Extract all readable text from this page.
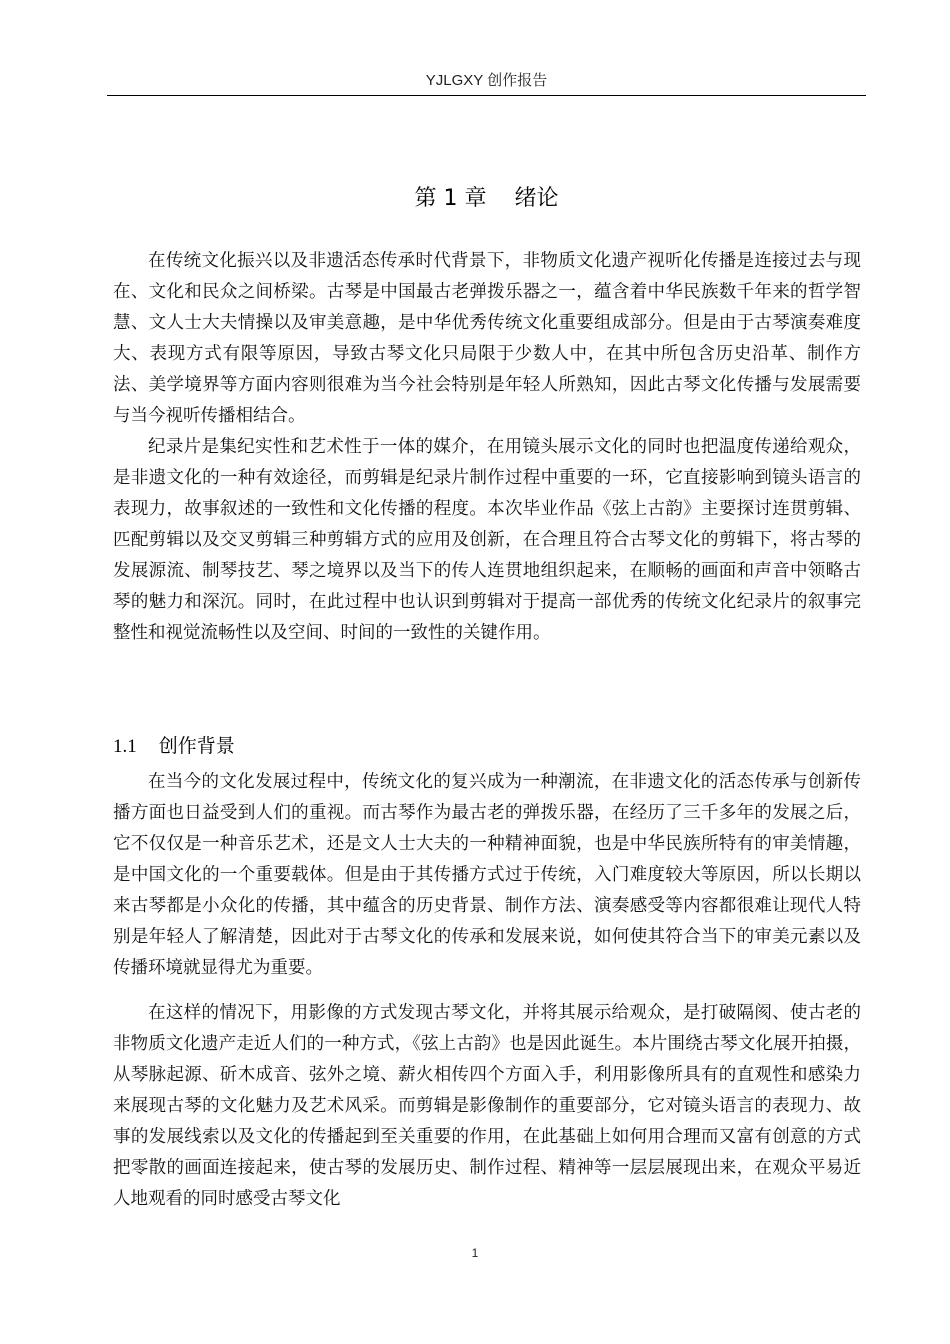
YJLGXY 创作报告
第 1 章    绪论

在传统文化振兴以及非遗活态传承时代背景下，非物质文化遗产视听化传播是连接过去与现在、文化和民众之间桥梁。古琴是中国最古老弹拨乐器之一，蕴含着中华民族数千年来的哲学智慧、文人士大夫情操以及审美意趣，是中华优秀传统文化重要组成部分。但是由于古琴演奏难度大、表现方式有限等原因，导致古琴文化只局限于少数人中，在其中所包含历史沿革、制作方法、美学境界等方面内容则很难为当今社会特别是年轻人所熟知，因此古琴文化传播与发展需要与当今视听传播相结合。

纪录片是集纪实性和艺术性于一体的媒介，在用镜头展示文化的同时也把温度传递给观众，是非遗文化的一种有效途径，而剪辑是纪录片制作过程中重要的一环，它直接影响到镜头语言的表现力，故事叙述的一致性和文化传播的程度。本次毕业作品《弦上古韵》主要探讨连贯剪辑、匹配剪辑以及交叉剪辑三种剪辑方式的应用及创新，在合理且符合古琴文化的剪辑下，将古琴的发展源流、制琴技艺、琴之境界以及当下的传人连贯地组织起来，在顺畅的画面和声音中领略古琴的魅力和深沉。同时，在此过程中也认识到剪辑对于提高一部优秀的传统文化纪录片的叙事完整性和视觉流畅性以及空间、时间的一致性的关键作用。

1.1 创作背景

在当今的文化发展过程中，传统文化的复兴成为一种潮流，在非遗文化的活态传承与创新传播方面也日益受到人们的重视。而古琴作为最古老的弹拨乐器，在经历了三千多年的发展之后，它不仅仅是一种音乐艺术，还是文人士大夫的一种精神面貌，也是中华民族所特有的审美情趣，是中国文化的一个重要载体。但是由于其传播方式过于传统，入门难度较大等原因，所以长期以来古琴都是小众化的传播，其中蕴含的历史背景、制作方法、演奏感受等内容都很难让现代人特别是年轻人了解清楚，因此对于古琴文化的传承和发展来说，如何使其符合当下的审美元素以及传播环境就显得尤为重要。

在这样的情况下，用影像的方式发现古琴文化，并将其展示给观众，是打破隔阂、使古老的非物质文化遗产走近人们的一种方式，《弦上古韵》也是因此诞生。本片围绕古琴文化展开拍摄，从琴脉起源、斫木成音、弦外之境、薪火相传四个方面入手，利用影像所具有的直观性和感染力来展现古琴的文化魅力及艺术风采。而剪辑是影像制作的重要部分，它对镜头语言的表现力、故事的发展线索以及文化的传播起到至关重要的作用，在此基础上如何用合理而又富有创意的方式把零散的画面连接起来，使古琴的发展历史、制作过程、精神等一层层展现出来，在观众平易近人地观看的同时感受古琴文化

1
